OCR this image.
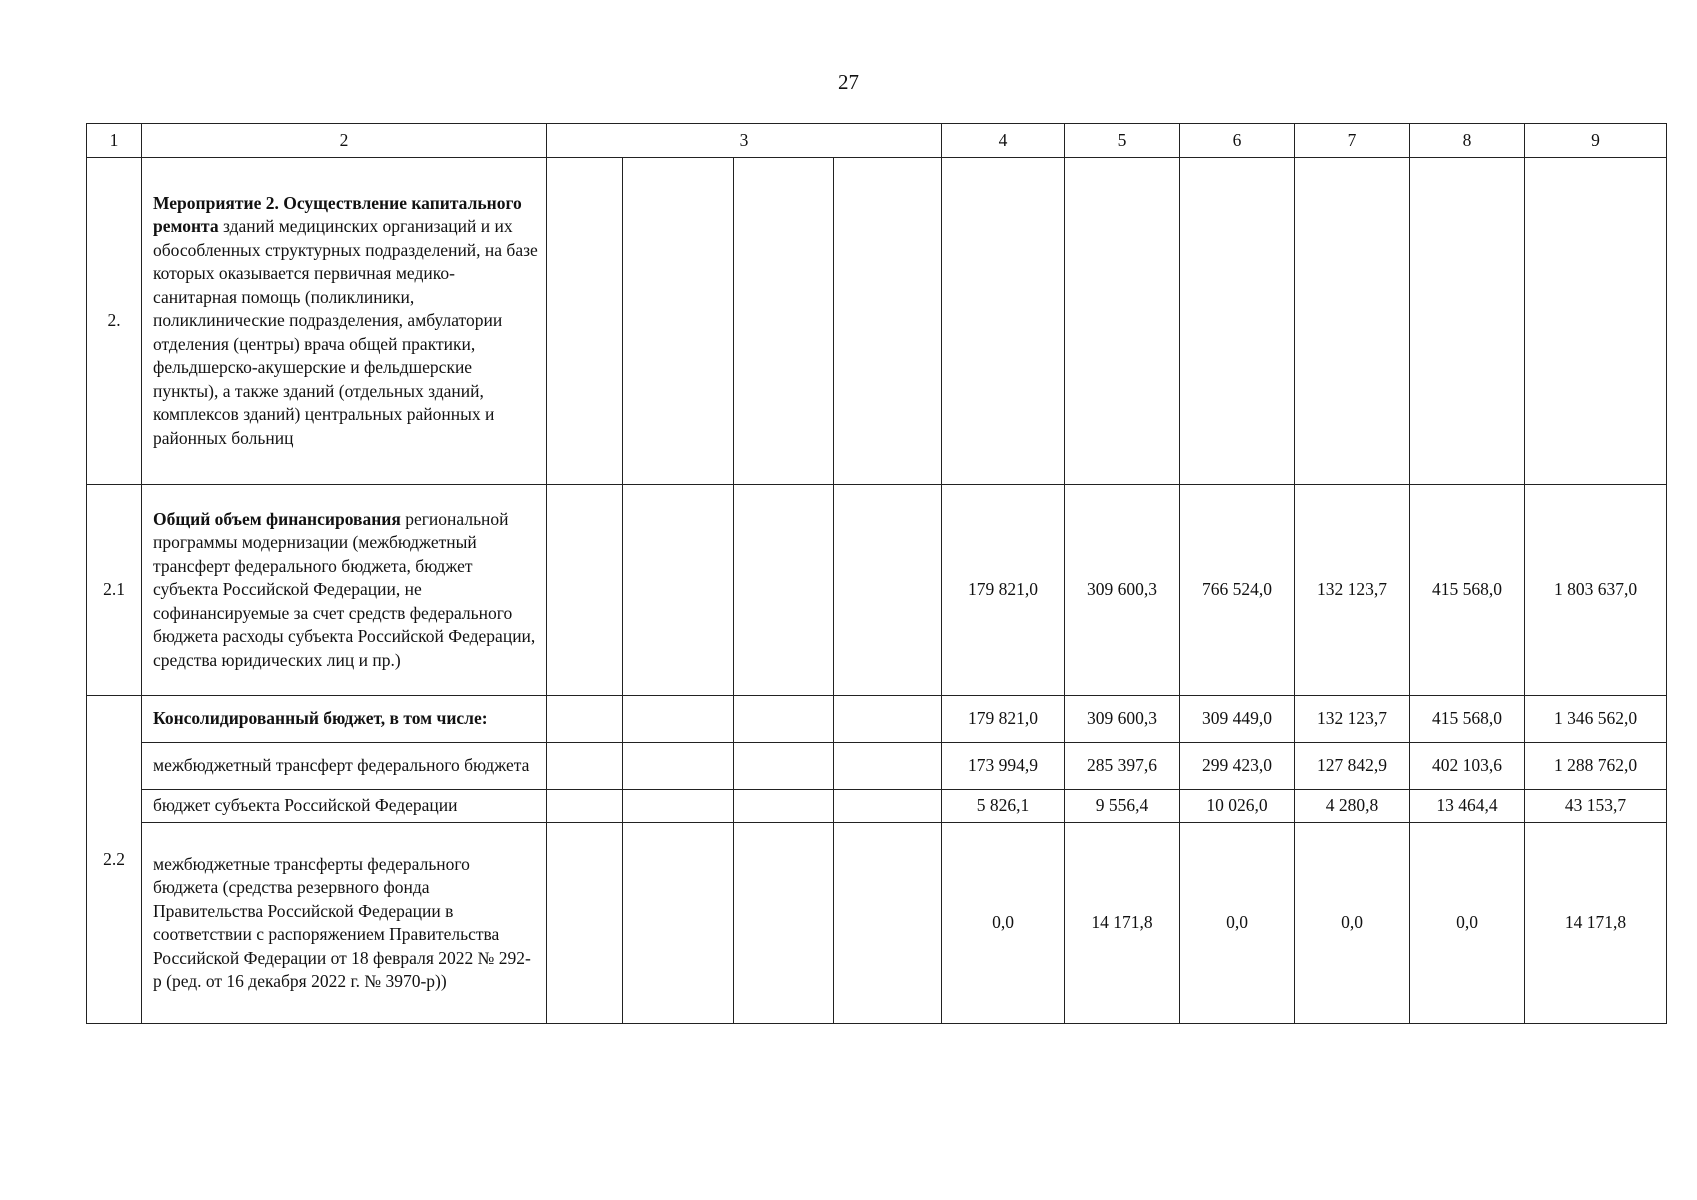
27
1	2	3				4	5	6	7	8	9
2.	Мероприятие 2. Осуществление капитального ремонта зданий медицинских организаций и их обособленных структурных подразделений, на базе которых оказывается первичная медико-санитарная помощь (поликлиники, поликлинические подразделения, амбулатории отделения (центры) врача общей практики, фельдшерско-акушерские и фельдшерские пункты), а также зданий (отдельных зданий, комплексов зданий) центральных районных и районных больниц										
2.1	Общий объем финансирования региональной программы модернизации (межбюджетный трансферт федерального бюджета, бюджет субъекта Российской Федерации, не софинансируемые за счет средств федерального бюджета расходы субъекта Российской Федерации, средства юридических лиц и пр.)					179 821,0	309 600,3	766 524,0	132 123,7	415 568,0	1 803 637,0
2.2	Консолидированный бюджет, в том числе:					179 821,0	309 600,3	309 449,0	132 123,7	415 568,0	1 346 562,0
	межбюджетный трансферт федерального бюджета					173 994,9	285 397,6	299 423,0	127 842,9	402 103,6	1 288 762,0
	бюджет субъекта Российской Федерации					5 826,1	9 556,4	10 026,0	4 280,8	13 464,4	43 153,7
	межбюджетные трансферты федерального бюджета (средства резервного фонда Правительства Российской Федерации в соответствии с распоряжением Правительства Российской Федерации от 18 февраля 2022 № 292-р (ред. от 16 декабря 2022 г. № 3970-р))					0,0	14 171,8	0,0	0,0	0,0	14 171,8
